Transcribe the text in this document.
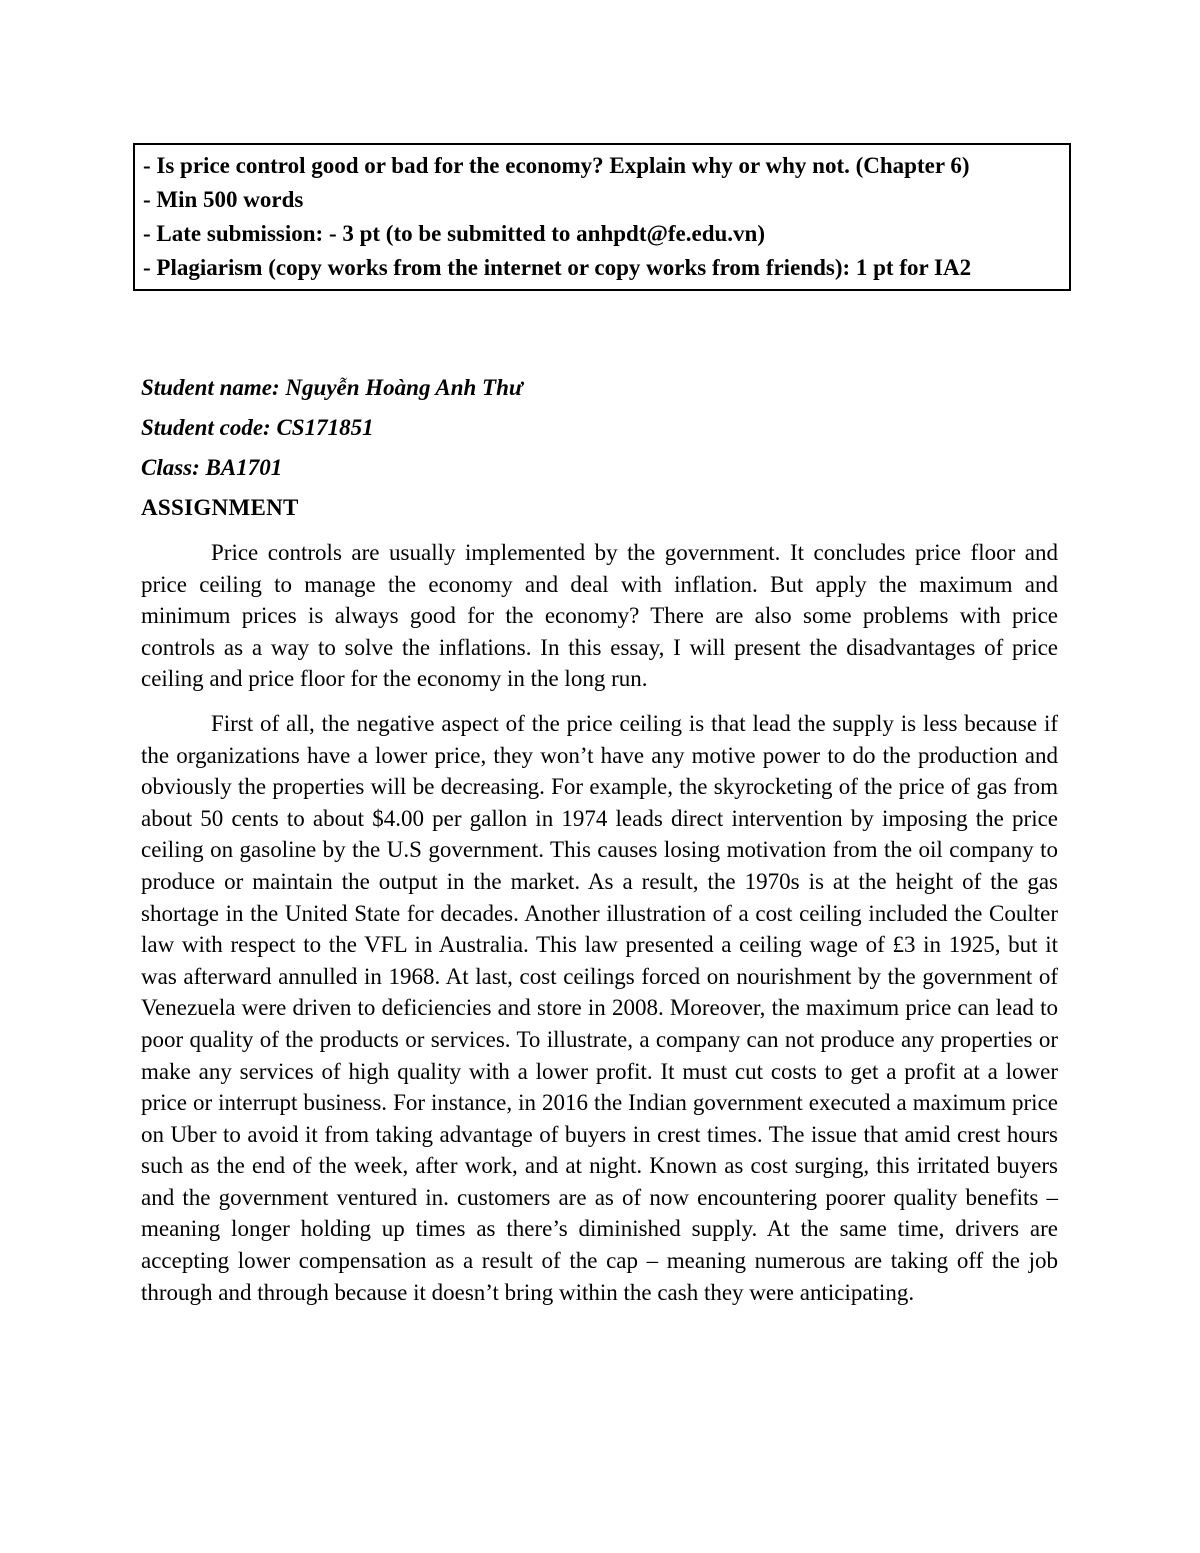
- Is price control good or bad for the economy? Explain why or why not. (Chapter 6)
- Min 500 words
- Late submission: - 3 pt (to be submitted to anhpdt@fe.edu.vn)
- Plagiarism (copy works from the internet or copy works from friends): 1 pt for IA2
Student name: Nguyễn Hoàng Anh Thư
Student code: CS171851
Class: BA1701
ASSIGNMENT

Price controls are usually implemented by the government. It concludes price floor and price ceiling to manage the economy and deal with inflation. But apply the maximum and minimum prices is always good for the economy? There are also some problems with price controls as a way to solve the inflations. In this essay, I will present the disadvantages of price ceiling and price floor for the economy in the long run.

First of all, the negative aspect of the price ceiling is that lead the supply is less because if the organizations have a lower price, they won’t have any motive power to do the production and obviously the properties will be decreasing. For example, the skyrocketing of the price of gas from about 50 cents to about $4.00 per gallon in 1974 leads direct intervention by imposing the price ceiling on gasoline by the U.S government. This causes losing motivation from the oil company to produce or maintain the output in the market. As a result, the 1970s is at the height of the gas shortage in the United State for decades. Another illustration of a cost ceiling included the Coulter law with respect to the VFL in Australia. This law presented a ceiling wage of £3 in 1925, but it was afterward annulled in 1968. At last, cost ceilings forced on nourishment by the government of Venezuela were driven to deficiencies and store in 2008. Moreover, the maximum price can lead to poor quality of the products or services. To illustrate, a company can not produce any properties or make any services of high quality with a lower profit. It must cut costs to get a profit at a lower price or interrupt business. For instance, in 2016 the Indian government executed a maximum price on Uber to avoid it from taking advantage of buyers in crest times. The issue that amid crest hours such as the end of the week, after work, and at night. Known as cost surging, this irritated buyers and the government ventured in. customers are as of now encountering poorer quality benefits – meaning longer holding up times as there’s diminished supply. At the same time, drivers are accepting lower compensation as a result of the cap – meaning numerous are taking off the job through and through because it doesn’t bring within the cash they were anticipating.
